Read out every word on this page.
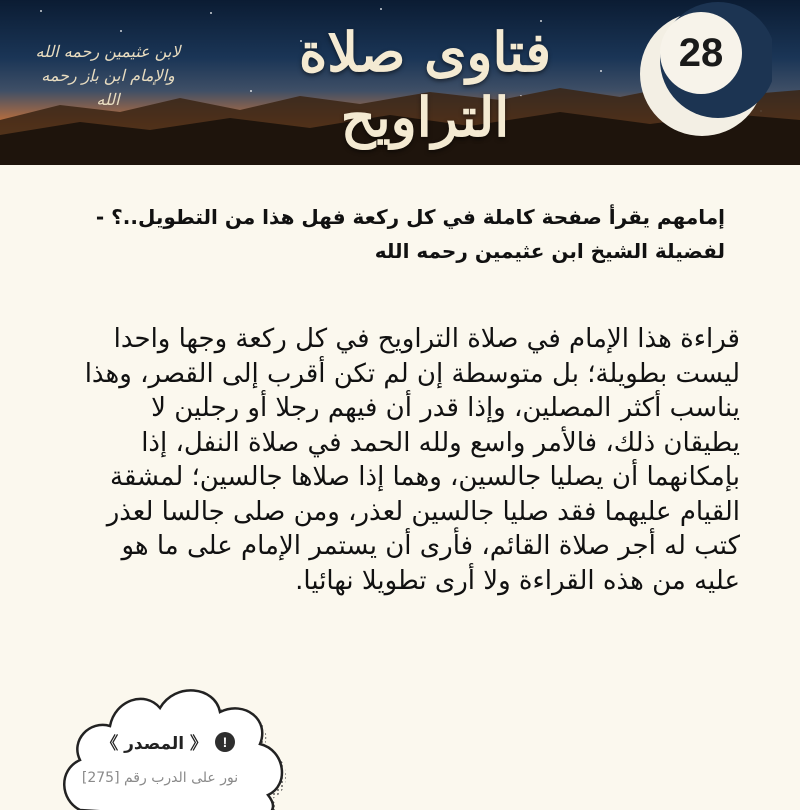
فتاوى صلاة التراويح
28
لابن عثيمين رحمه الله
والإمام ابن باز رحمه الله
إمامهم يقرأ صفحة كاملة في كل ركعة فهل هذا من التطويل..؟ - لفضيلة الشيخ ابن عثيمين رحمه الله
قراءة هذا الإمام في صلاة التراويح في كل ركعة وجها واحدا ليست بطويلة؛ بل متوسطة إن لم تكن أقرب إلى القصر، وهذا يناسب أكثر المصلين، وإذا قدر أن فيهم رجلا أو رجلين لا يطيقان ذلك، فالأمر واسع ولله الحمد في صلاة النفل، إذا بإمكانهما أن يصليا جالسين، وهما إذا صلاها جالسين؛ لمشقة القيام عليهما فقد صليا جالسين لعذر، ومن صلى جالسا لعذر كتب له أجر صلاة القائم، فأرى أن يستمر الإمام على ما هو عليه من هذه القراءة ولا أرى تطويلا نهائيا.
!
《 المصدر 》
نور على الدرب رقم [275]
